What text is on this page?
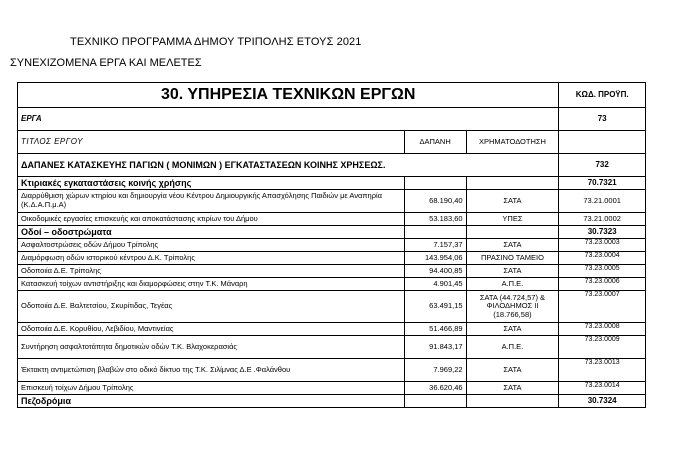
ΤΕΧΝΙΚΟ ΠΡΟΓΡΑΜΜΑ ΔΗΜΟΥ ΤΡΙΠΟΛΗΣ ΕΤΟΥΣ 2021
ΣΥΝΕΧΙΖΟΜΕΝΑ ΕΡΓΑ ΚΑΙ ΜΕΛΕΤΕΣ
30. ΥΠΗΡΕΣΙΑ ΤΕΧΝΙΚΩΝ ΕΡΓΩΝ			ΚΩΔ. ΠΡΟΫΠ.
ΕΡΓΑ			73
ΤΙΤΛΟΣ ΕΡΓΟΥ	ΔΑΠΑΝΗ	ΧΡΗΜΑΤΟΔΟΤΗΣΗ	
ΔΑΠΑΝΕΣ ΚΑΤΑΣΚΕΥΗΣ ΠΑΓΙΩΝ ( ΜΟΝΙΜΩΝ ) ΕΓΚΑΤΑΣΤΑΣΕΩΝ ΚΟΙΝΗΣ ΧΡΗΣΕΩΣ.			732
Κτιριακές εγκαταστάσεις κοινής χρήσης			70.7321
Διαρρύθμιση χώρων κτηρίου και δημιουργία νέου Κέντρου Δημιουργικής Απασχόλησης Παιδιών με Αναπηρία (Κ.Δ.Α.Π.μ.Α)	68.190,40	ΣΑΤΑ	73.21.0001
Οικοδομικές εργασίες επισκευής και αποκατάστασης κτιρίων του Δήμου	53.183,60	ΥΠΕΣ	73.21.0002
Οδοί – οδοστρώματα			30.7323
Ασφαλτοστρώσεις οδών Δήμου Τρίπολης	7.157,37	ΣΑΤΑ	73.23.0003
Διαμόρφωση οδών ιστορικού κέντρου Δ.Κ. Τρίπολης	143.954,06	ΠΡΑΣΙΝΟ ΤΑΜΕΙΟ	73.23.0004
Οδοποιία Δ.Ε. Τρίπολης	94.400,85	ΣΑΤΑ	73.23.0005
Κατασκευή τοίχων αντιστήριξης και διαμορφώσεις στην Τ.Κ. Μάναρη	4.901,45	Α.Π.Ε.	73.23.0006
Οδοποιία Δ.Ε. Βαλτετσίου, Σκυρίτιδας, Τεγέας	63.491,15	ΣΑΤΑ (44.724,57) & ΦΙΛΟΔΗΜΟΣ ΙΙ (18.766,58)	73.23.0007
Οδοποιία Δ.Ε. Κορυθίου, Λεβιδίου, Μαντινείας	51.466,89	ΣΑΤΑ	73.23.0008
Συντήρηση ασφαλτοτάπητα δημοτικών οδών Τ.Κ. Βλαχοκερασιάς	91.843,17	Α.Π.Ε.	73.23.0009
Έκτακτη αντιμετώπιση βλαβών στο οδικό δίκτυο της Τ.Κ. Σιλίμνας Δ.Ε .Φαλάνθου	7.969,22	ΣΑΤΑ	73.23.0013
Επισκευή τοίχων Δήμου Τρίπολης	36.620,46	ΣΑΤΑ	73.23.0014
Πεζοδρόμια			30.7324
